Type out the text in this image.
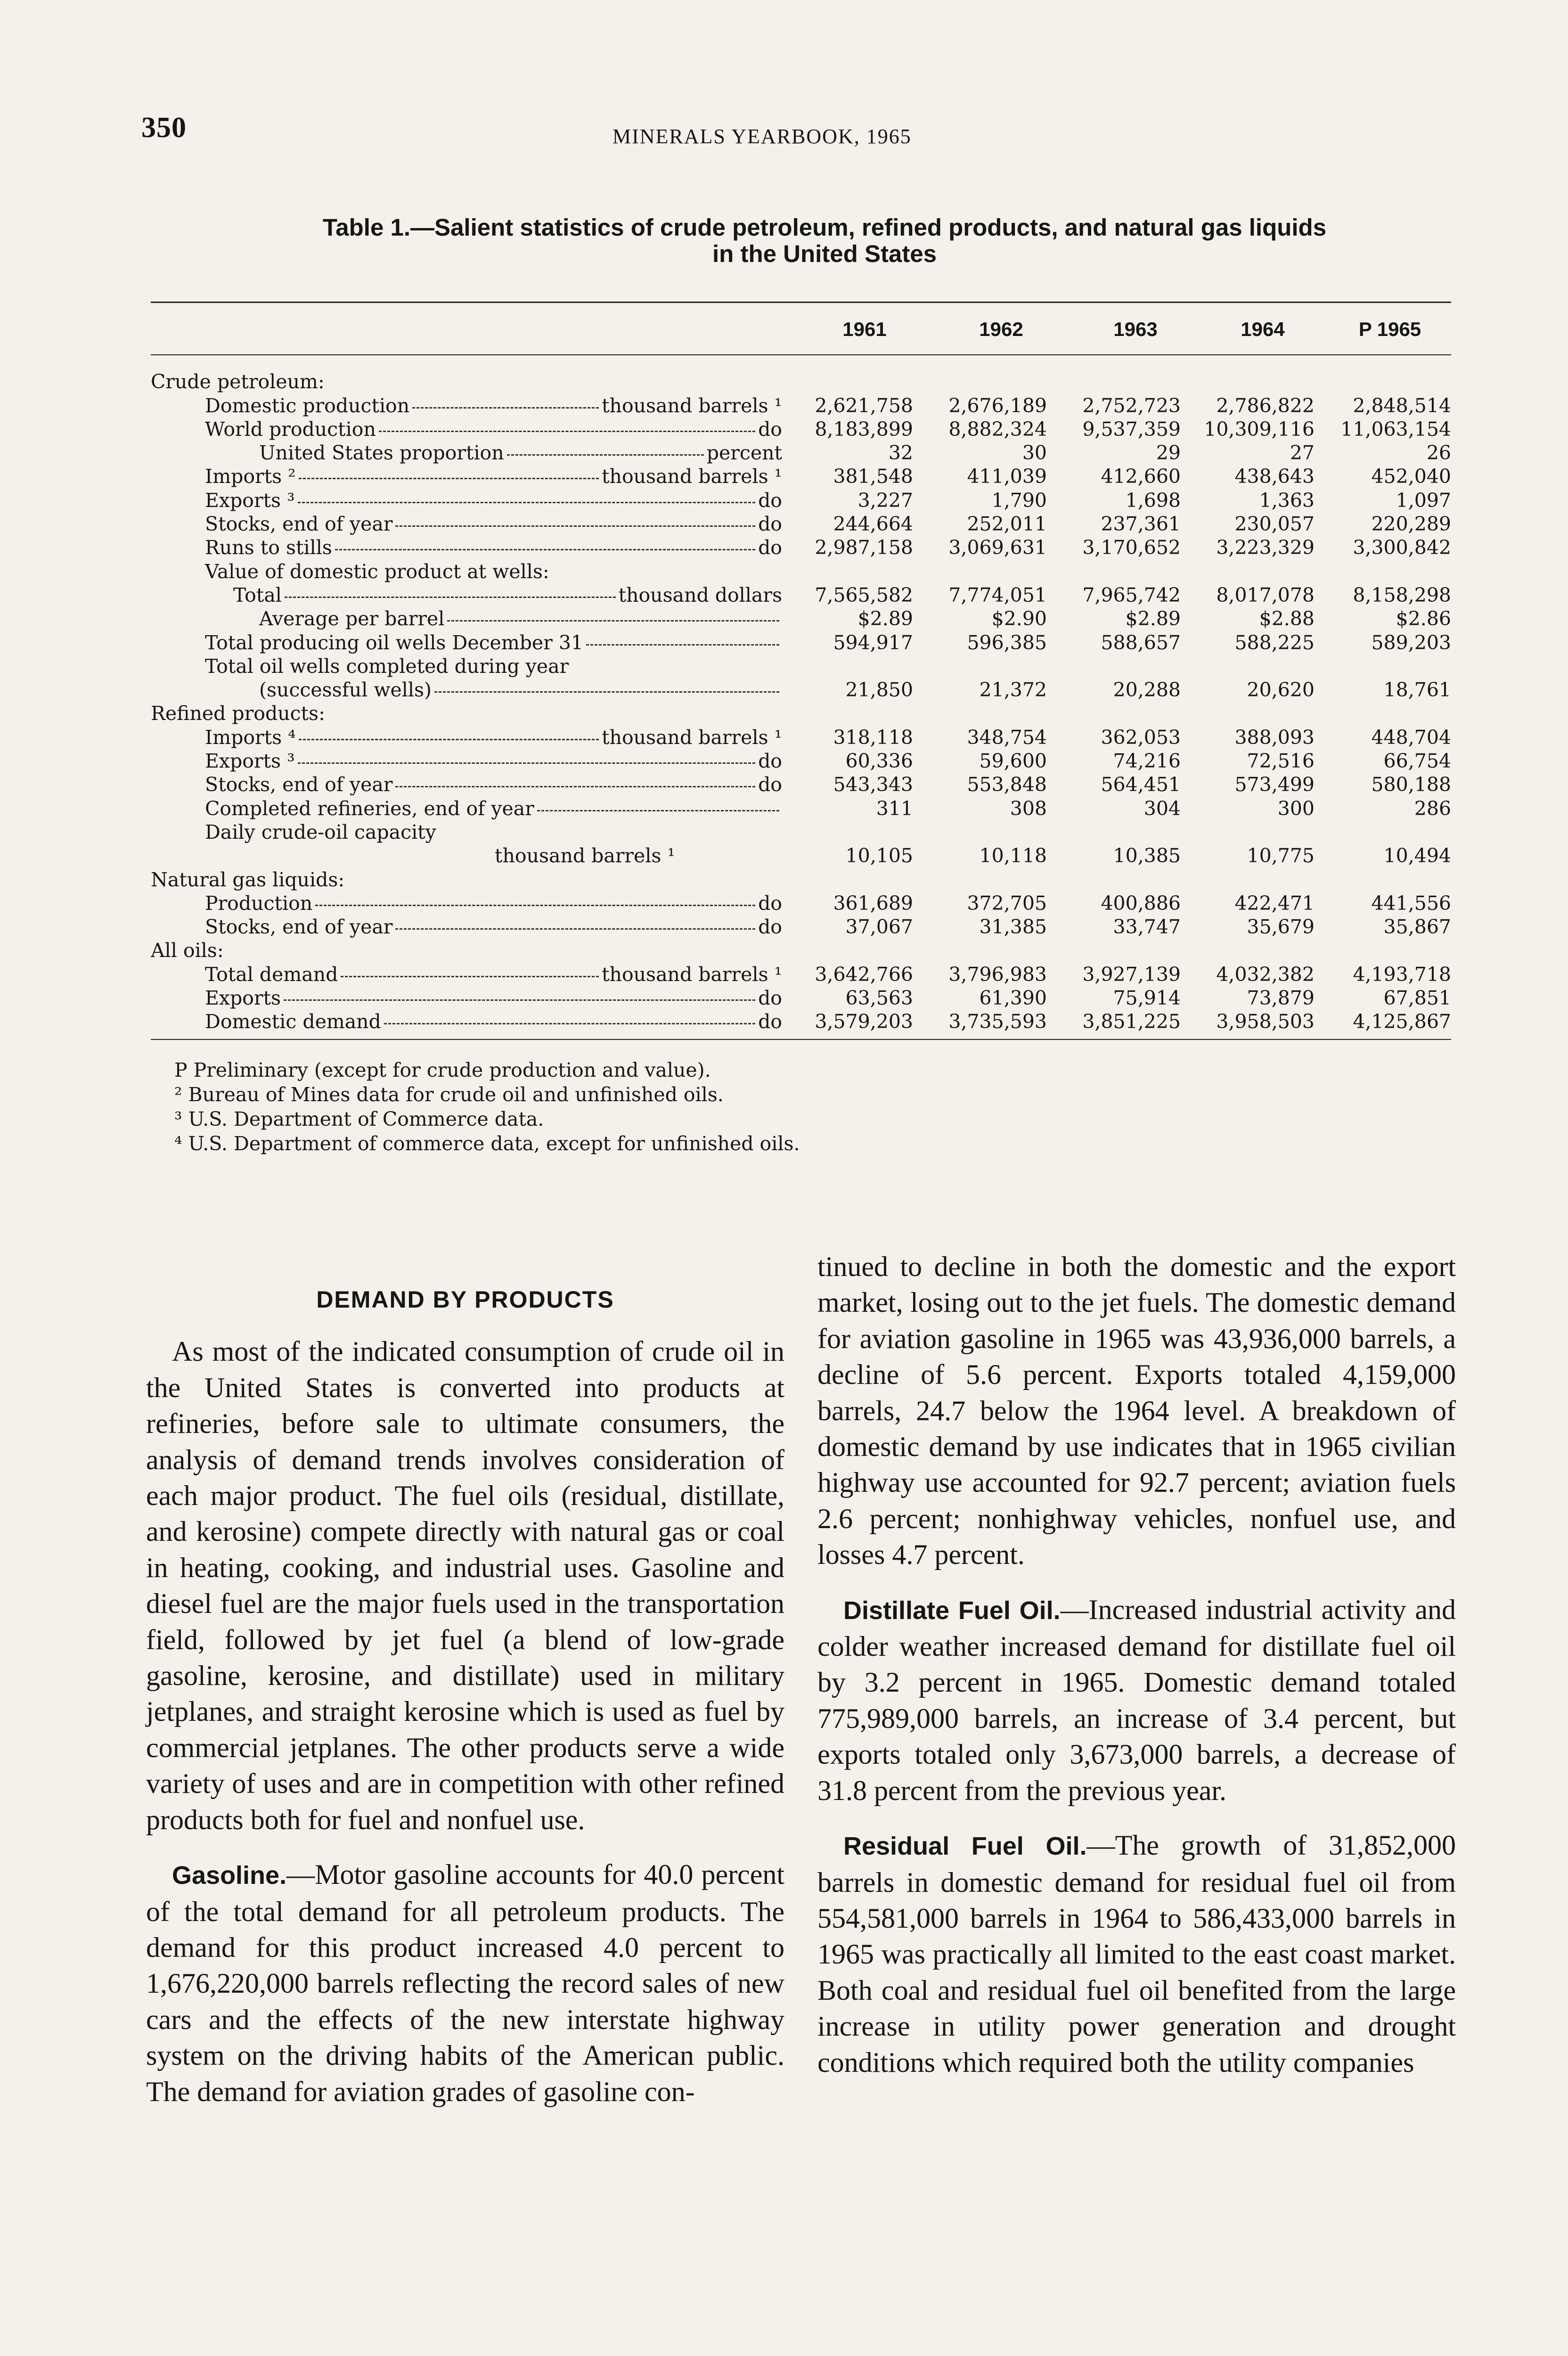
350	MINERALS YEARBOOK, 1965
Table 1.—Salient statistics of crude petroleum, refined products, and natural gas liquids
in the United States
1961	1962	1963	1964	P 1965
Crude petroleum:					

Domestic production thousand barrels ¹	2,621,758	2,676,189	2,752,723	2,786,822	2,848,514

World production do	8,183,899	8,882,324	9,537,359	10,309,116	11,063,154

United States proportion percent	32	30	29	27	26

Imports ² thousand barrels ¹	381,548	411,039	412,660	438,643	452,040

Exports ³ do	3,227	1,790	1,698	1,363	1,097

Stocks, end of year do	244,664	252,011	237,361	230,057	220,289

Runs to stills do	2,987,158	3,069,631	3,170,652	3,223,329	3,300,842

Value of domestic product at wells:					

Total thousand dollars	7,565,582	7,774,051	7,965,742	8,017,078	8,158,298

Average per barrel	$2.89	$2.90	$2.89	$2.88	$2.86

Total producing oil wells December 31	594,917	596,385	588,657	588,225	589,203

Total oil wells completed during year					

(successful wells)	21,850	21,372	20,288	20,620	18,761

Refined products:					

Imports ⁴ thousand barrels ¹	318,118	348,754	362,053	388,093	448,704

Exports ³ do	60,336	59,600	74,216	72,516	66,754

Stocks, end of year do	543,343	553,848	564,451	573,499	580,188

Completed refineries, end of year	311	308	304	300	286

Daily crude-oil capacity					

thousand barrels ¹	10,105	10,118	10,385	10,775	10,494

Natural gas liquids:					

Production do	361,689	372,705	400,886	422,471	441,556

Stocks, end of year do	37,067	31,385	33,747	35,679	35,867

All oils:					

Total demand thousand barrels ¹	3,642,766	3,796,983	3,927,139	4,032,382	4,193,718

Exports do	63,563	61,390	75,914	73,879	67,851

Domestic demand do	3,579,203	3,735,593	3,851,225	3,958,503	4,125,867
P Preliminary (except for crude production and value).
² Bureau of Mines data for crude oil and unfinished oils.
³ U.S. Department of Commerce data.
⁴ U.S. Department of commerce data, except for unfinished oils.
DEMAND BY PRODUCTS

As most of the indicated consumption of crude oil in the United States is converted into products at refineries, before sale to ultimate consumers, the analysis of demand trends involves consideration of each major product. The fuel oils (residual, distillate, and kerosine) compete directly with natural gas or coal in heating, cooking, and industrial uses. Gasoline and diesel fuel are the major fuels used in the transportation field, followed by jet fuel (a blend of low-grade gasoline, kerosine, and distillate) used in military jetplanes, and straight kerosine which is used as fuel by commercial jetplanes. The other products serve a wide variety of uses and are in competition with other refined products both for fuel and nonfuel use.

Gasoline.—Motor gasoline accounts for 40.0 percent of the total demand for all petroleum products. The demand for this product increased 4.0 percent to 1,676,220,000 barrels reflecting the record sales of new cars and the effects of the new interstate highway system on the driving habits of the American public. The demand for aviation grades of gasoline con-

tinued to decline in both the domestic and the export market, losing out to the jet fuels. The domestic demand for aviation gasoline in 1965 was 43,936,000 barrels, a decline of 5.6 percent. Exports totaled 4,159,000 barrels, 24.7 below the 1964 level. A breakdown of domestic demand by use indicates that in 1965 civilian highway use accounted for 92.7 percent; aviation fuels 2.6 percent; nonhighway vehicles, nonfuel use, and losses 4.7 percent.

Distillate Fuel Oil.—Increased industrial activity and colder weather increased demand for distillate fuel oil by 3.2 percent in 1965. Domestic demand totaled 775,989,000 barrels, an increase of 3.4 percent, but exports totaled only 3,673,000 barrels, a decrease of 31.8 percent from the previous year.

Residual Fuel Oil.—The growth of 31,852,000 barrels in domestic demand for residual fuel oil from 554,581,000 barrels in 1964 to 586,433,000 barrels in 1965 was practically all limited to the east coast market. Both coal and residual fuel oil benefited from the large increase in utility power generation and drought conditions which required both the utility companies
